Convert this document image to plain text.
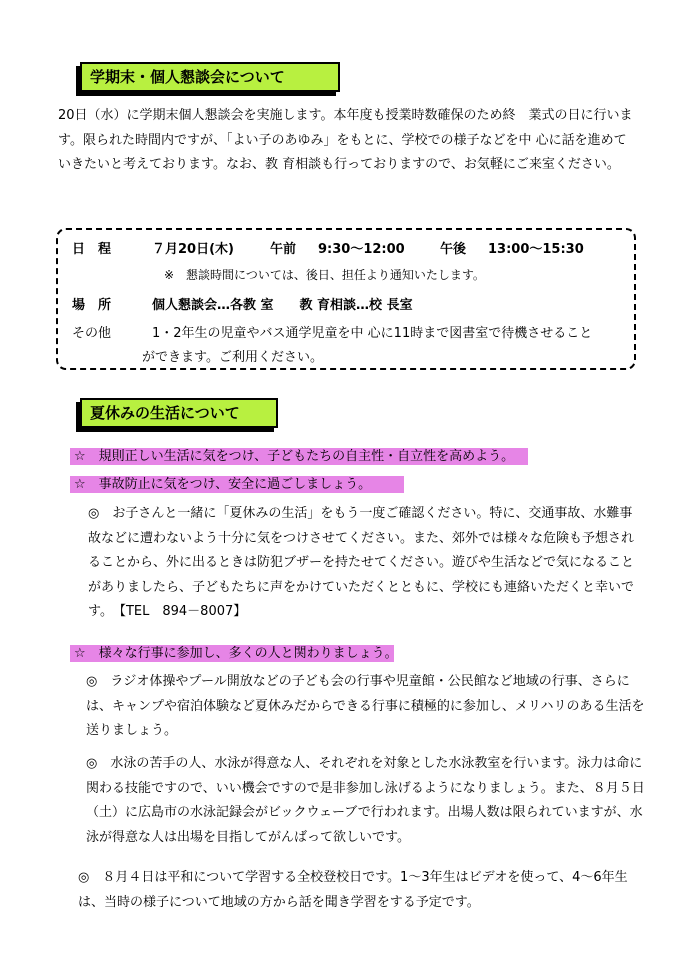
学期末・個人懇談会について

20日（水）に学期末個人懇談会を実施します。本年度も授業時数確保のため終　業式の日に行います。限られた時間内ですが、「よい子のあゆみ」をもとに、学校での様子などを中 心に話を進めていきたいと考えております。なお、教 育相談も行っておりますので、お気軽にご来室ください。

日　程	７月20日(木)	午前 9:30～12:00	午後 13:00～15:30
※　懇談時間については、後日、担任より通知いたします。
場　所	個人懇談会…各教 室　　教 育相談…校 長室
その他	1・2年生の児童やバス通学児童を中 心に11時まで図書室で待機させること
ができます。ご利用ください。
夏休みの生活について
☆　規則正しい生活に気をつけ、子どもたちの自主性・自立性を高めよう。
☆　事故防止に気をつけ、安全に過ごしましょう。

◎　お子さんと一緒に「夏休みの生活」をもう一度ご確認ください。特に、交通事故、水難事故などに遭わないよう十分に気をつけさせてください。また、郊外では様々な危険も予想されることから、外に出るときは防犯ブザーを持たせてください。遊びや生活などで気になることがありましたら、子どもたちに声をかけていただくとともに、学校にも連絡いただくと幸いです。　【TEL　894－8007】

☆　様々な行事に参加し、多くの人と関わりましょう。

◎　ラジオ体操やプール開放などの子ども会の行事や児童館・公民館など地域の行事、さらには、キャンプや宿泊体験など夏休みだからできる行事に積極的に参加し、メリハリのある生活を送りましょう。

◎　水泳の苦手の人、水泳が得意な人、それぞれを対象とした水泳教室を行います。泳力は命に関わる技能ですので、いい機会ですので是非参加し泳げるようになりましょう。また、８月５日（土）に広島市の水泳記録会がビックウェーブで行われます。出場人数は限られていますが、水泳が得意な人は出場を目指してがんばって欲しいです。

◎　８月４日は平和について学習する全校登校日です。1～3年生はビデオを使って、4～6年生は、当時の様子について地域の方から話を聞き学習をする予定です。
